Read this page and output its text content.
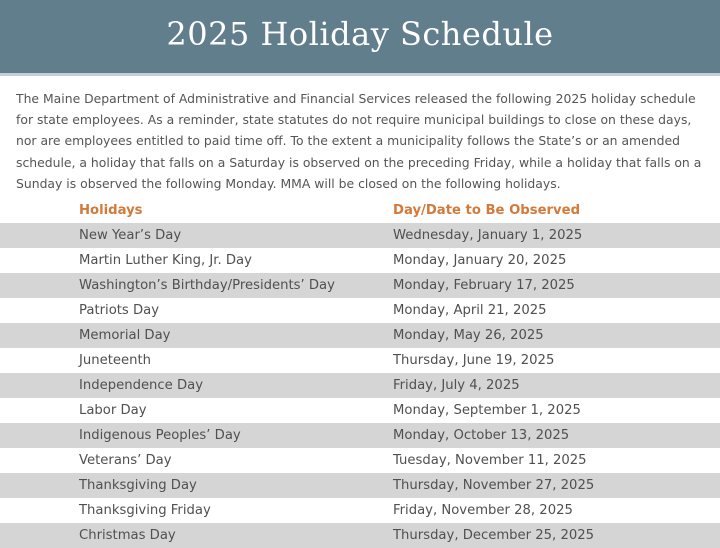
2025 Holiday Schedule

The Maine Department of Administrative and Financial Services released the following 2025 holiday schedule for state employees. As a reminder, state statutes do not require municipal buildings to close on these days, nor are employees entitled to paid time off. To the extent a municipality follows the State’s or an amended schedule, a holiday that falls on a Saturday is observed on the preceding Friday, while a holiday that falls on a Sunday is observed the following Monday. MMA will be closed on the following holidays.

Holidays	Day/Date to Be Observed
New Year’s Day	Wednesday, January 1, 2025
Martin Luther King, Jr. Day	Monday, January 20, 2025
Washington’s Birthday/Presidents’ Day	Monday, February 17, 2025
Patriots Day	Monday, April 21, 2025
Memorial Day	Monday, May 26, 2025
Juneteenth	Thursday, June 19, 2025
Independence Day	Friday, July 4, 2025
Labor Day	Monday, September 1, 2025
Indigenous Peoples’ Day	Monday, October 13, 2025
Veterans’ Day	Tuesday, November 11, 2025
Thanksgiving Day	Thursday, November 27, 2025
Thanksgiving Friday	Friday, November 28, 2025
Christmas Day	Thursday, December 25, 2025
